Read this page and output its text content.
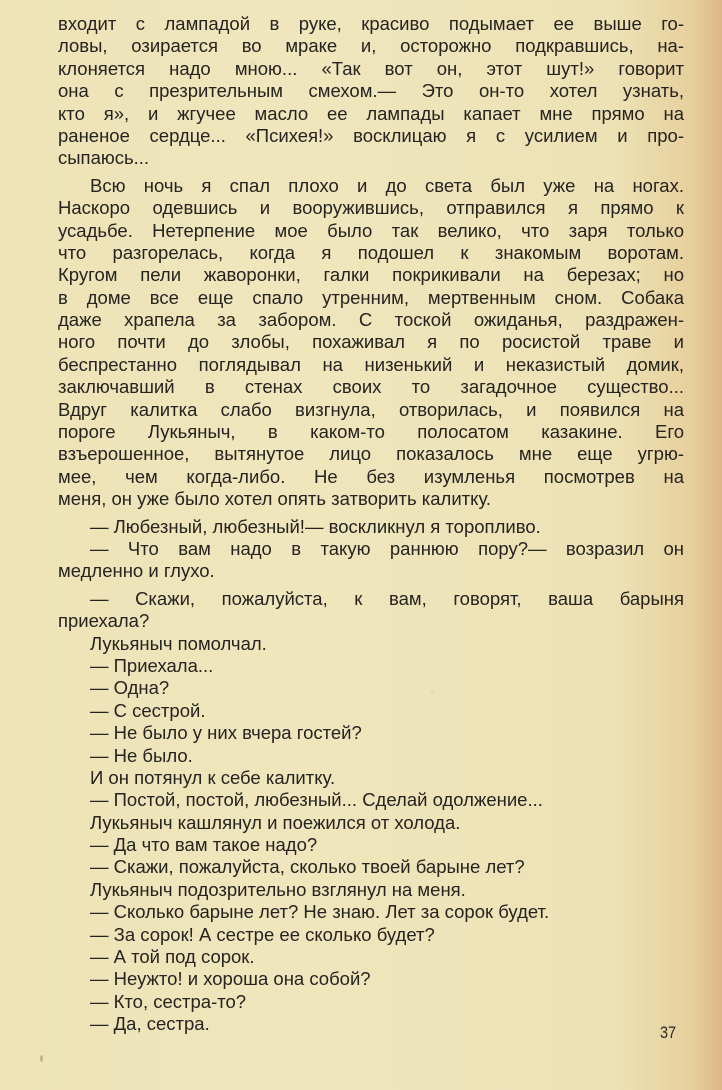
входит с лампадой в руке, красиво подымает ее выше го-
ловы, озирается во мраке и, осторожно подкравшись, на-
клоняется надо мною... «Так вот он, этот шут!» говорит
она с презрительным смехом.— Это он-то хотел узнать,
кто я», и жгучее масло ее лампады капает мне прямо на
раненое сердце... «Психея!» восклицаю я с усилием и про-
сыпаюсь...
Всю ночь я спал плохо и до света был уже на ногах.
Наскоро одевшись и вооружившись, отправился я прямо к
усадьбе. Нетерпение мое было так велико, что заря только
что разгорелась, когда я подошел к знакомым воротам.
Кругом пели жаворонки, галки покрикивали на березах; но
в доме все еще спало утренним, мертвенным сном. Собака
даже храпела за забором. С тоской ожиданья, раздражен-
ного почти до злобы, похаживал я по росистой траве и
беспрестанно поглядывал на низенький и неказистый домик,
заключавший в стенах своих то загадочное существо...
Вдруг калитка слабо визгнула, отворилась, и появился на
пороге Лукьяныч, в каком-то полосатом казакине. Его
взъерошенное, вытянутое лицо показалось мне еще угрю-
мее, чем когда-либо. Не без изумленья посмотрев на
меня, он уже было хотел опять затворить калитку.
— Любезный, любезный!— воскликнул я торопливо.
— Что вам надо в такую раннюю пору?— возразил он
медленно и глухо.
— Скажи, пожалуйста, к вам, говорят, ваша барыня
приехала?
Лукьяныч помолчал.
— Приехала...
— Одна?
— С сестрой.
— Не было у них вчера гостей?
— Не было.
И он потянул к себе калитку.
— Постой, постой, любезный... Сделай одолжение...
Лукьяныч кашлянул и поежился от холода.
— Да что вам такое надо?
— Скажи, пожалуйста, сколько твоей барыне лет?
Лукьяныч подозрительно взглянул на меня.
— Сколько барыне лет? Не знаю. Лет за сорок будет.
— За сорок! А сестре ее сколько будет?
— А той под сорок.
— Неужто! и хороша она собой?
— Кто, сестра-то?
— Да, сестра.	37
